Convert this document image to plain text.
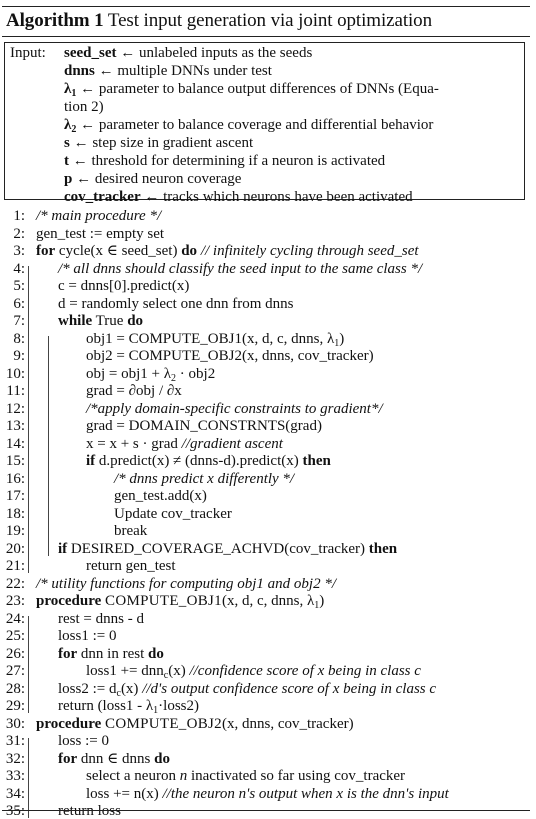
Algorithm 1 Test input generation via joint optimization
Input: seed_set ← unlabeled inputs as the seeds
dnns ← multiple DNNs under test
$\lambda_1$ ← parameter to balance output differences of DNNs (Equa-
tion 2)
$\lambda_2$ ← parameter to balance coverage and differential behavior
s ← step size in gradient ascent
t ← threshold for determining if a neuron is activated
p ← desired neuron coverage
cov_tracker ← tracks which neurons have been activated
1: /* main procedure */
2: gen_test := empty set
3: for cycle(x ∈ seed_set) do // infinitely cycling through seed_set
4: /* all dnns should classify the seed input to the same class */
5: c = dnns[0].predict(x)
6: d = randomly select one dnn from dnns
7: while True do
8:	obj1 = COMPUTE_OBJ1(x, d, c, dnns, $\lambda_1$)
9:	obj2 = COMPUTE_OBJ2(x, dnns, cov_tracker)
10:	obj = $obj1 + \lambda_2 \cdot obj2$
11:	grad = ∂obj / ∂x
12:	/*apply domain-specific constraints to gradient*/
13:	grad = DOMAIN_CONSTRNTS(grad)
14:	x = x + s · grad //gradient ascent
15:	if d.predict(x) ≠ (dnns-d).predict(x) then
16:	/* dnns predict x differently */
17:	gen_test.add(x)
18:	Update cov_tracker
19:	break
20: if DESIRED_COVERAGE_ACHVD(cov_tracker) then
21:	return gen_test
22: /* utility functions for computing obj1 and obj2 */
23: procedure COMPUTE_OBJ1(x, d, c, dnns, $\lambda_1$)
24: rest = dnns - d
25: loss1 := 0
26: for dnn in rest do
27:	loss1 += dnn$_c$(x) //confidence score of x being in class c
28: loss2 := $d_c(x)$ //d's output confidence score of x being in class c
29: return (loss1 - $\lambda_1\cdot loss2$)
30: procedure COMPUTE_OBJ2(x, dnns, cov_tracker)
31: loss := 0
32: for dnn ∈ dnns do
33:	select a neuron n inactivated so far using cov_tracker
34:	loss += n(x) //the neuron n's output when x is the dnn's input
35: return loss
